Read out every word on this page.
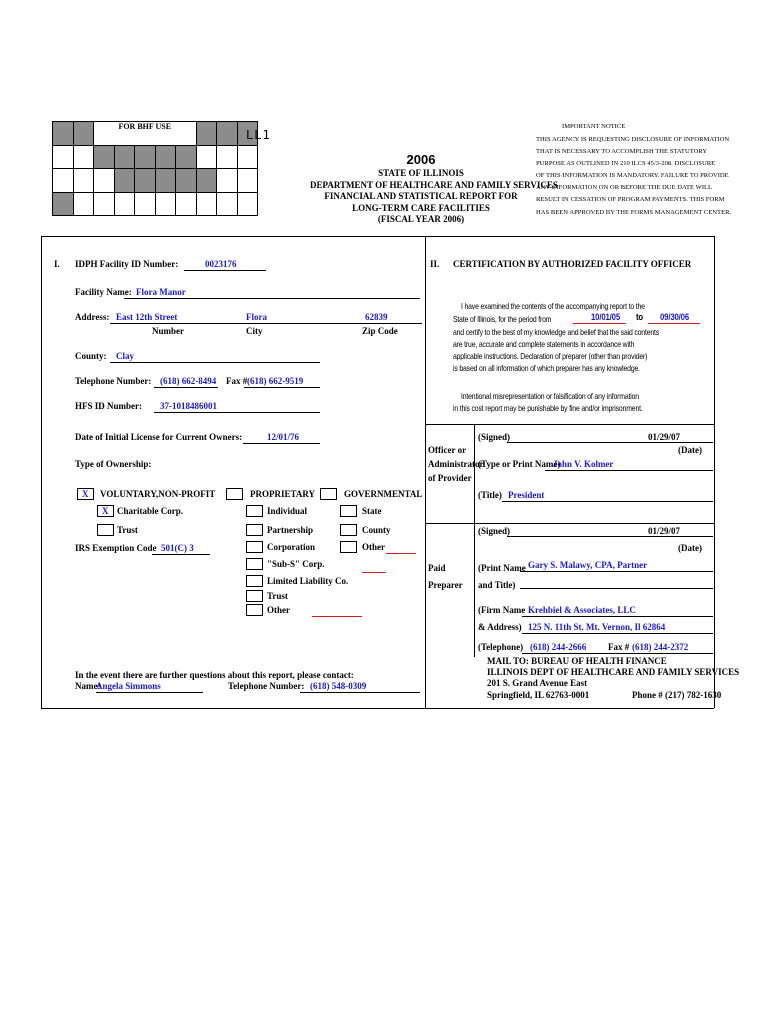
		FOR BHF USE							

LL1
2006
STATE OF ILLINOIS
DEPARTMENT OF HEALTHCARE AND FAMILY SERVICES
FINANCIAL AND STATISTICAL REPORT FOR
LONG-TERM CARE FACILITIES
(FISCAL YEAR 2006)
IMPORTANT NOTICE
THIS AGENCY IS REQUESTING DISCLOSURE OF INFORMATION
THAT IS NECESSARY TO ACCOMPLISH THE STATUTORY
PURPOSE AS OUTLINED IN 210 ILCS 45/3-208. DISCLOSURE
OF THIS INFORMATION IS MANDATORY. FAILURE TO PROVIDE
ANY INFORMATION ON OR BEFORE THE DUE DATE WILL
RESULT IN CESSATION OF PROGRAM PAYMENTS. THIS FORM
HAS BEEN APPROVED BY THE FORMS MANAGEMENT CENTER.
I. IDPH Facility ID Number:	0023176
Facility Name: Flora Manor
Address: East 12th Street	Flora	62839
Number	City	Zip Code
County: Clay
Telephone Number: (618) 662-8494 Fax # (618) 662-9519
HFS ID Number: 37-1018486001
Date of Initial License for Current Owners:	12/01/76
Type of Ownership:
X VOLUNTARY,NON-PROFIT
X Charitable Corp.
Trust
IRS Exemption Code 501(C) 3
PROPRIETARY
Individual
Partnership
Corporation
"Sub-S" Corp.
Limited Liability Co.
Trust
Other
GOVERNMENTAL
State
County
Other
In the event there are further questions about this report, please contact:
Name:
Angela Simmons	Telephone Number: (618) 548-0309
II. CERTIFICATION BY AUTHORIZED FACILITY OFFICER
I have examined the contents of the accompanying report to the
State of Illinois, for the period from	10/01/05 to 09/30/06
and certify to the best of my knowledge and belief that the said contents
are true, accurate and complete statements in accordance with
applicable instructions. Declaration of preparer (other than provider)
is based on all information of which preparer has any knowledge.
Intentional misrepresentation or falsification of any information
in this cost report may be punishable by fine and/or imprisonment.
Officer or
Administrator
of Provider
(Signed)	01/29/07
(Date)
(Type or Print Name)
John V. Kolmer
(Title) President
(Signed)	01/29/07
(Date)
Paid
Preparer
(Print Name
and Title)
Gary S. Malawy, CPA, Partner
(Firm Name Krehbiel & Associates, LLC
& Address) 125 N. 11th St. Mt. Vernon, Il 62864
(Telephone) (618) 244-2666 Fax # (618) 244-2372
MAIL TO: BUREAU OF HEALTH FINANCE
ILLINOIS DEPT OF HEALTHCARE AND FAMILY SERVICES
201 S. Grand Avenue East
Springfield, IL 62763-0001	Phone # (217) 782-1630
